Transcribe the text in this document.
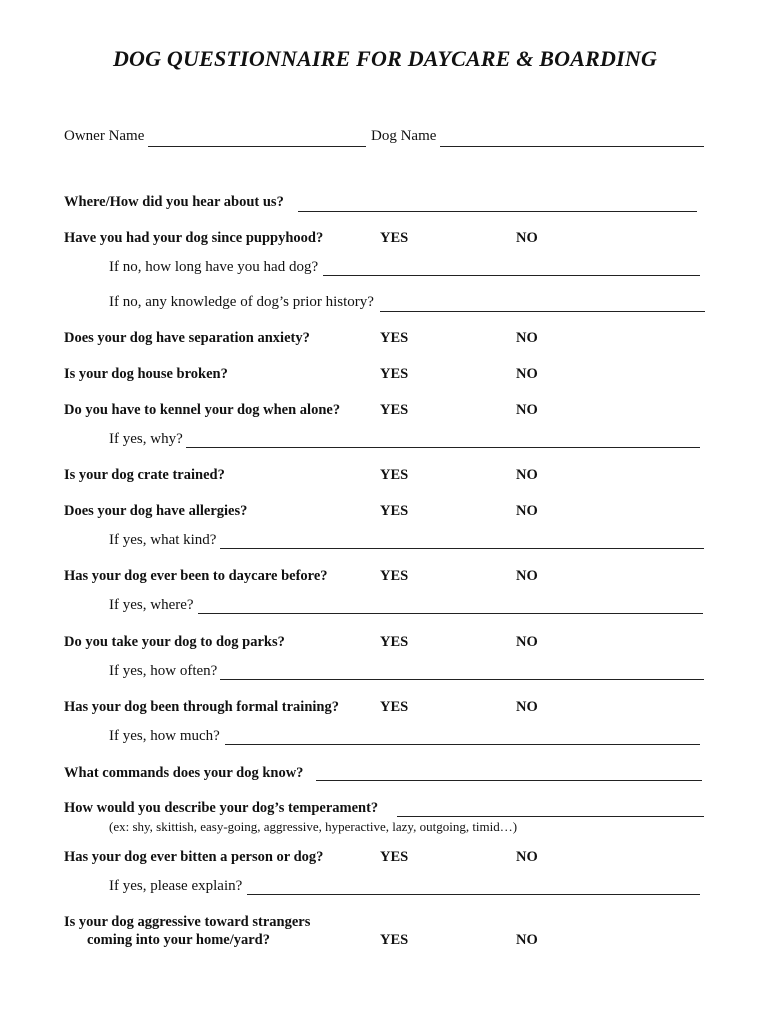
DOG QUESTIONNAIRE FOR DAYCARE & BOARDING
Owner Name	Dog Name
Where/How did you hear about us?
Have you had your dog since puppyhood?	YES	NO
If no, how long have you had dog?
If no, any knowledge of dog’s prior history?
Does your dog have separation anxiety?	YES	NO
Is your dog house broken?	YES	NO
Do you have to kennel your dog when alone?	YES	NO
If yes, why?
Is your dog crate trained?	YES	NO
Does your dog have allergies?	YES	NO
If yes, what kind?
Has your dog ever been to daycare before?	YES	NO
If yes, where?
Do you take your dog to dog parks?	YES	NO
If yes, how often?
Has your dog been through formal training?	YES	NO
If yes, how much?
What commands does your dog know?
How would you describe your dog’s temperament?
(ex: shy, skittish, easy-going, aggressive, hyperactive, lazy, outgoing, timid…)
Has your dog ever bitten a person or dog?	YES	NO
If yes, please explain?
Is your dog aggressive toward strangers
coming into your home/yard?	YES	NO
